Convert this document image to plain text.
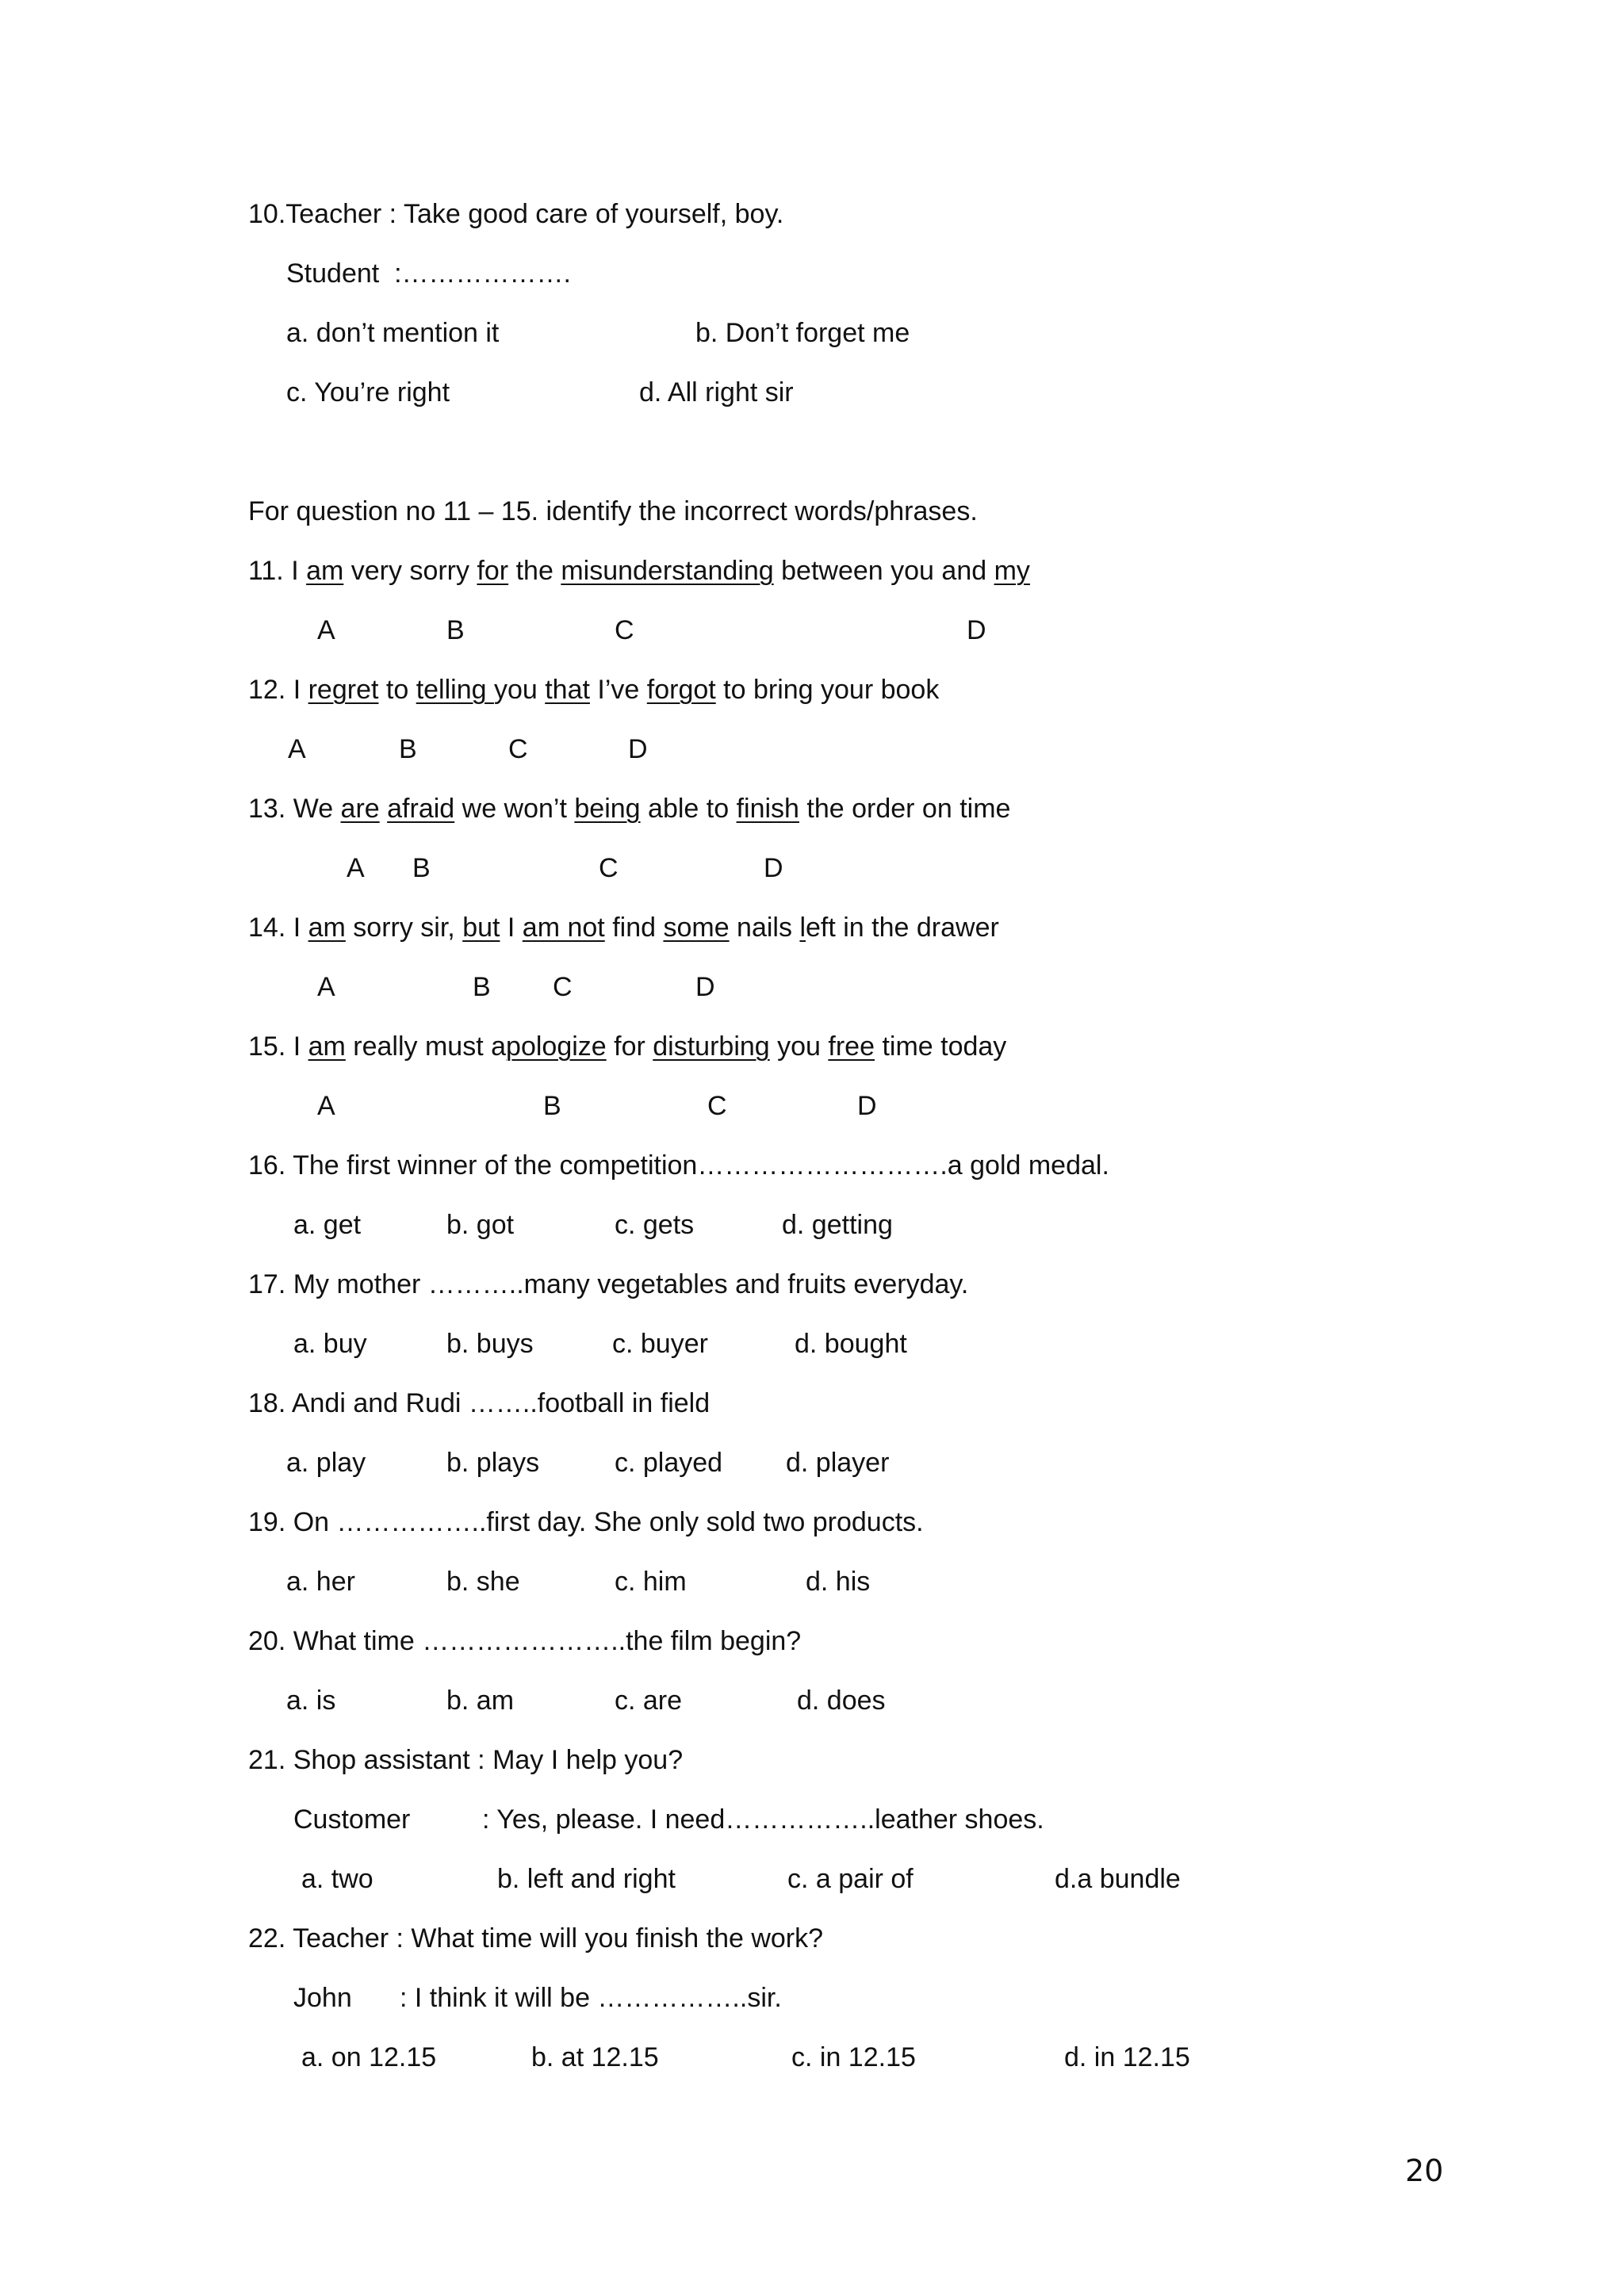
10.Teacher : Take good care of yourself, boy.
Student  :……………….
a. don’t mention it	b. Don’t forget me
c. You’re right	d. All right sir
For question no 11 – 15. identify the incorrect words/phrases.
11. I am very sorry for the misunderstanding between you and my
A	B	C	D
12. I regret to telling you that I’ve forgot to bring your book
A	B	C	D
13. We are afraid we won’t being able to finish the order on time
A B	C	D
14. I am sorry sir, but I am not find some nails left in the drawer
A	B C	D
15. I am really must apologize for disturbing you free time today
A	B	C	D
16. The first winner of the competition……………………….a gold medal.
a. get	b. got	c. gets	d. getting
17. My mother ………..many vegetables and fruits everyday.
a. buy	b. buys	c. buyer	d. bought
18. Andi and Rudi ……..football in field
a. play	b. plays	c. played d. player
19. On ……………..first day. She only sold two products.
a. her	b. she	c. him	d. his
20. What time …………………..the film begin?
a. is	b. am	c. are	d. does
21. Shop assistant : May I help you?
Customer	: Yes, please. I need……………..leather shoes.
a. two	b. left and right	c. a pair of	d.a bundle
22. Teacher : What time will you finish the work?
John : I think it will be ……………..sir.
a. on 12.15	b. at 12.15	c. in 12.15	d. in 12.15
20
